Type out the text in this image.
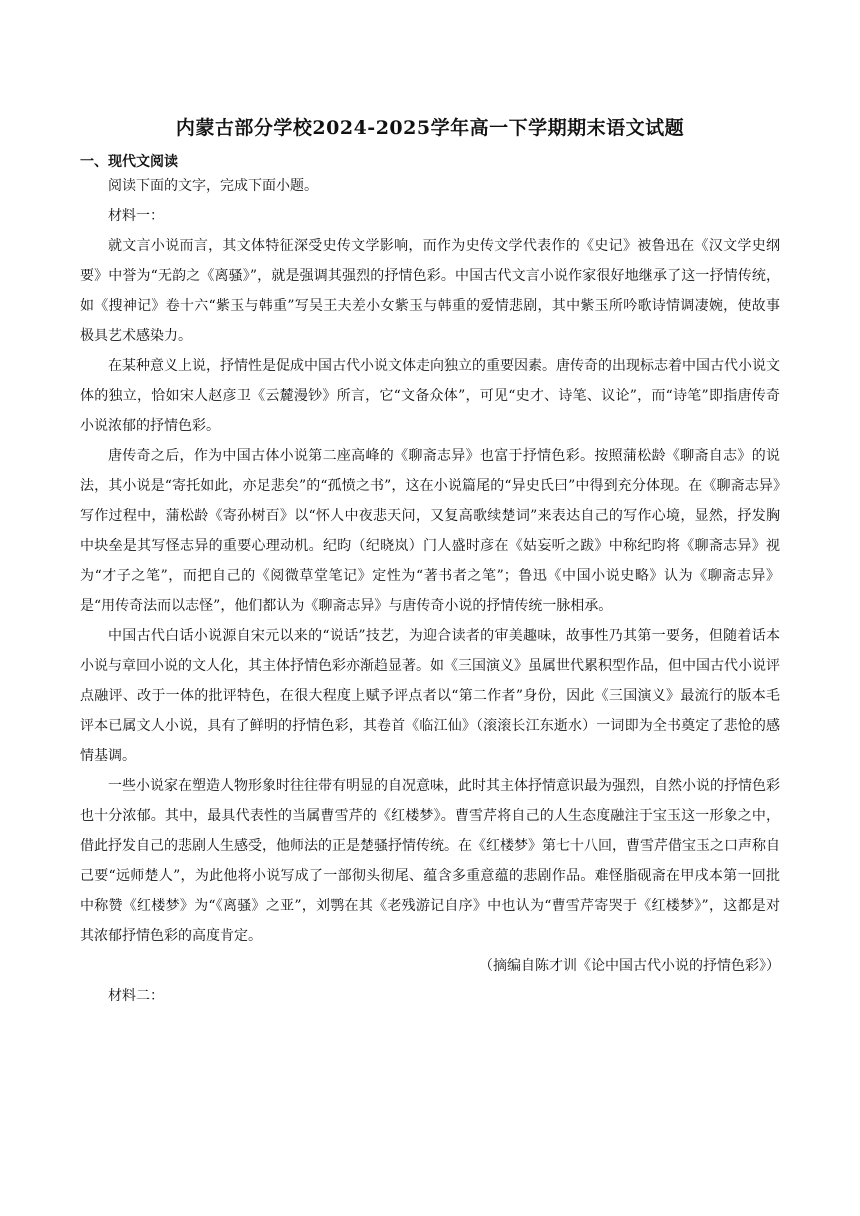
内蒙古部分学校2024-2025学年高一下学期期末语文试题
一、现代文阅读

阅读下面的文字，完成下面小题。

材料一：

就文言小说而言，其文体特征深受史传文学影响，而作为史传文学代表作的《史记》被鲁迅在《汉文学史纲要》中誉为“无韵之《离骚》”，就是强调其强烈的抒情色彩。中国古代文言小说作家很好地继承了这一抒情传统，如《搜神记》卷十六“紫玉与韩重”写吴王夫差小女紫玉与韩重的爱情悲剧，其中紫玉所吟歌诗情调凄婉，使故事极具艺术感染力。

在某种意义上说，抒情性是促成中国古代小说文体走向独立的重要因素。唐传奇的出现标志着中国古代小说文体的独立，恰如宋人赵彦卫《云麓漫钞》所言，它“文备众体”，可见“史才、诗笔、议论”，而“诗笔”即指唐传奇小说浓郁的抒情色彩。

唐传奇之后，作为中国古体小说第二座高峰的《聊斋志异》也富于抒情色彩。按照蒲松龄《聊斋自志》的说法，其小说是“寄托如此，亦足悲矣”的“孤愤之书”，这在小说篇尾的“异史氏曰”中得到充分体现。在《聊斋志异》写作过程中，蒲松龄《寄孙树百》以“怀人中夜悲天问，又复高歌续楚词”来表达自己的写作心境，显然，抒发胸中块垒是其写怪志异的重要心理动机。纪昀（纪晓岚）门人盛时彦在《姑妄听之跋》中称纪昀将《聊斋志异》视为“才子之笔”，而把自己的《阅微草堂笔记》定性为“著书者之笔”；鲁迅《中国小说史略》认为《聊斋志异》是“用传奇法而以志怪”，他们都认为《聊斋志异》与唐传奇小说的抒情传统一脉相承。

中国古代白话小说源自宋元以来的“说话”技艺，为迎合读者的审美趣味，故事性乃其第一要务，但随着话本小说与章回小说的文人化，其主体抒情色彩亦渐趋显著。如《三国演义》虽属世代累积型作品，但中国古代小说评点融评、改于一体的批评特色，在很大程度上赋予评点者以“第二作者”身份，因此《三国演义》最流行的版本毛评本已属文人小说，具有了鲜明的抒情色彩，其卷首《临江仙》（滚滚长江东逝水）一词即为全书奠定了悲怆的感情基调。

一些小说家在塑造人物形象时往往带有明显的自况意味，此时其主体抒情意识最为强烈，自然小说的抒情色彩也十分浓郁。其中，最具代表性的当属曹雪芹的《红楼梦》。曹雪芹将自己的人生态度融注于宝玉这一形象之中，借此抒发自己的悲剧人生感受，他师法的正是楚骚抒情传统。在《红楼梦》第七十八回，曹雪芹借宝玉之口声称自己要“远师楚人”，为此他将小说写成了一部彻头彻尾、蕴含多重意蕴的悲剧作品。难怪脂砚斋在甲戌本第一回批中称赞《红楼梦》为“《离骚》之亚”，刘鹗在其《老残游记自序》中也认为“曹雪芹寄哭于《红楼梦》”，这都是对其浓郁抒情色彩的高度肯定。

（摘编自陈才训《论中国古代小说的抒情色彩》）

材料二：
